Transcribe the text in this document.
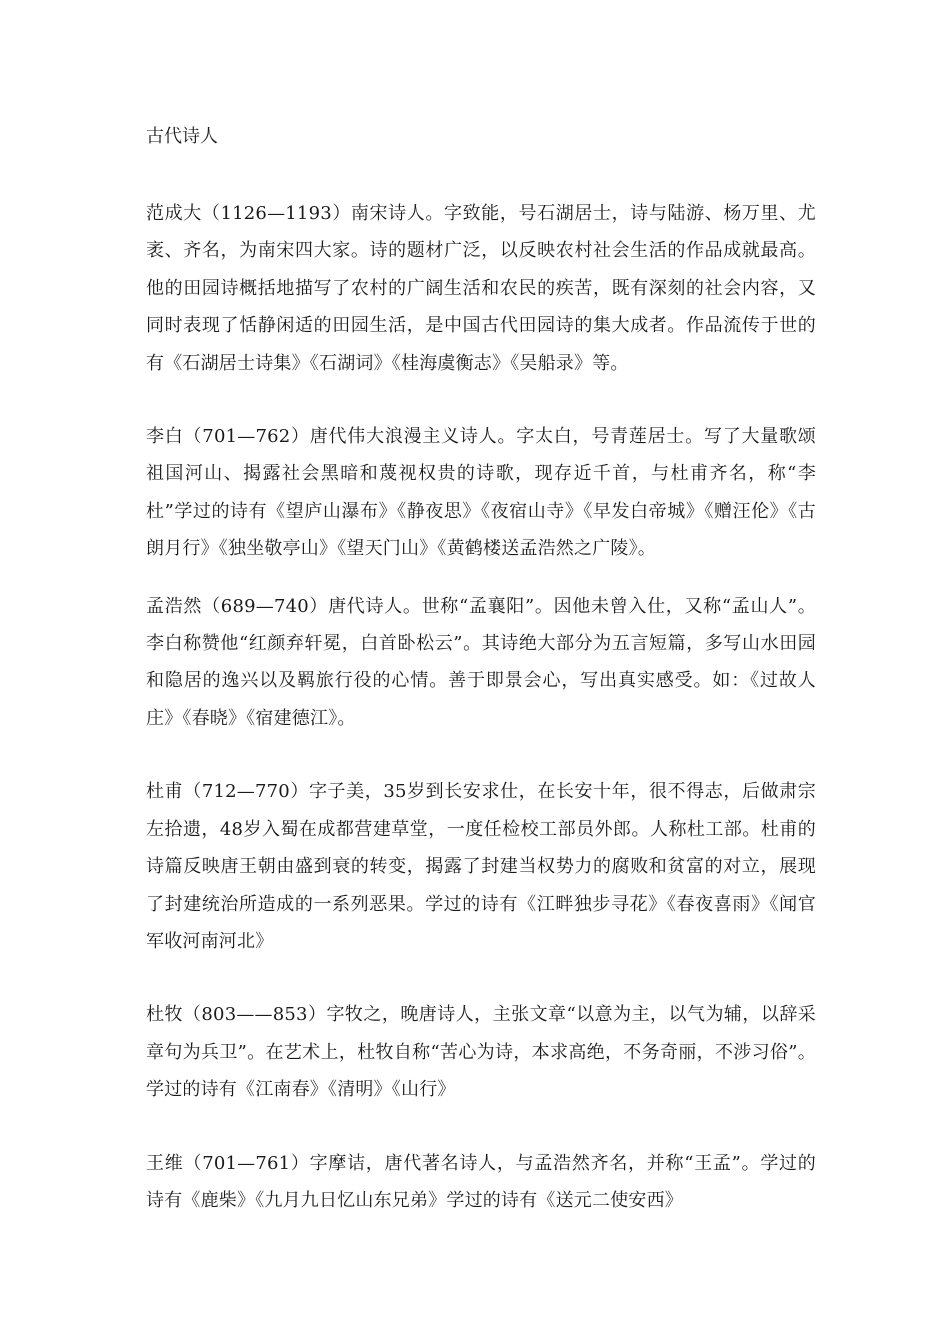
古代诗人

范成大（1126—1193）南宋诗人。字致能，号石湖居士，诗与陆游、杨万里、尤袤、齐名，为南宋四大家。诗的题材广泛，以反映农村社会生活的作品成就最高。他的田园诗概括地描写了农村的广阔生活和农民的疾苦，既有深刻的社会内容，又同时表现了恬静闲适的田园生活，是中国古代田园诗的集大成者。作品流传于世的有《石湖居士诗集》《石湖词》《桂海虞衡志》《吴船录》等。

李白（701—762）唐代伟大浪漫主义诗人。字太白，号青莲居士。写了大量歌颂祖国河山、揭露社会黑暗和蔑视权贵的诗歌，现存近千首，与杜甫齐名，称“李杜”学过的诗有《望庐山瀑布》《静夜思》《夜宿山寺》《早发白帝城》《赠汪伦》《古朗月行》《独坐敬亭山》《望天门山》《黄鹤楼送孟浩然之广陵》。

孟浩然（689—740）唐代诗人。世称“孟襄阳”。因他未曾入仕，又称“孟山人”。李白称赞他“红颜弃轩冕，白首卧松云”。其诗绝大部分为五言短篇，多写山水田园和隐居的逸兴以及羁旅行役的心情。善于即景会心，写出真实感受。如：《过故人庄》《春晓》《宿建德江》。

杜甫（712—770）字子美，35岁到长安求仕，在长安十年，很不得志，后做肃宗左拾遗，48岁入蜀在成都营建草堂，一度任检校工部员外郎。人称杜工部。杜甫的诗篇反映唐王朝由盛到衰的转变，揭露了封建当权势力的腐败和贫富的对立，展现了封建统治所造成的一系列恶果。学过的诗有《江畔独步寻花》《春夜喜雨》《闻官军收河南河北》

杜牧（803——853）字牧之，晚唐诗人，主张文章“以意为主，以气为辅，以辞采章句为兵卫”。在艺术上，杜牧自称“苦心为诗，本求高绝，不务奇丽，不涉习俗”。学过的诗有《江南春》《清明》《山行》

王维（701—761）字摩诘，唐代著名诗人，与孟浩然齐名，并称“王孟”。学过的诗有《鹿柴》《九月九日忆山东兄弟》学过的诗有《送元二使安西》
